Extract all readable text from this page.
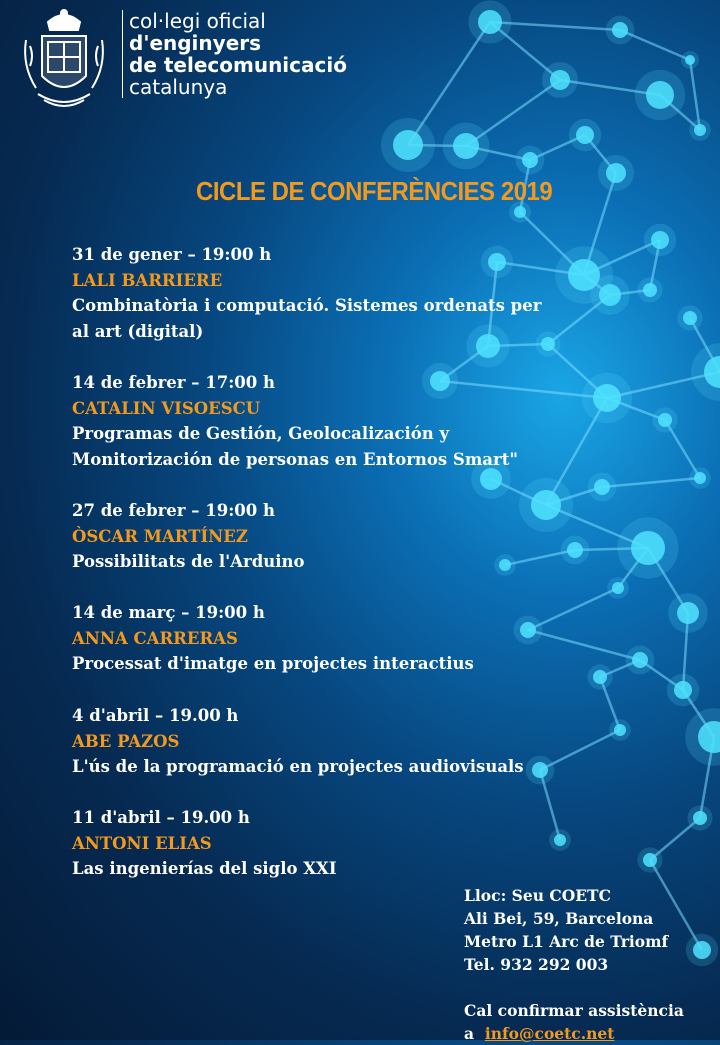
col·legi oficial
d'enginyers
de telecomunicació
catalunya
CICLE DE CONFERÈNCIES 2019
31 de gener – 19:00 h
LALI BARRIERE
Combinatòria i computació. Sistemes ordenats per
al art (digital)
14 de febrer – 17:00 h
CATALIN VISOESCU
Programas de Gestión, Geolocalización y
Monitorización de personas en Entornos Smart"
27 de febrer – 19:00 h
ÒSCAR MARTÍNEZ
Possibilitats de l'Arduino
14 de març – 19:00 h
ANNA CARRERAS
Processat d'imatge en projectes interactius
4 d'abril – 19.00 h
ABE PAZOS
L'ús de la programació en projectes audiovisuals
11 d'abril – 19.00 h
ANTONI ELIAS
Las ingenierías del siglo XXI
Lloc: Seu COETC
Ali Bei, 59, Barcelona
Metro L1 Arc de Triomf
Tel. 932 292 003
Cal confirmar assistència
a info@coetc.net
